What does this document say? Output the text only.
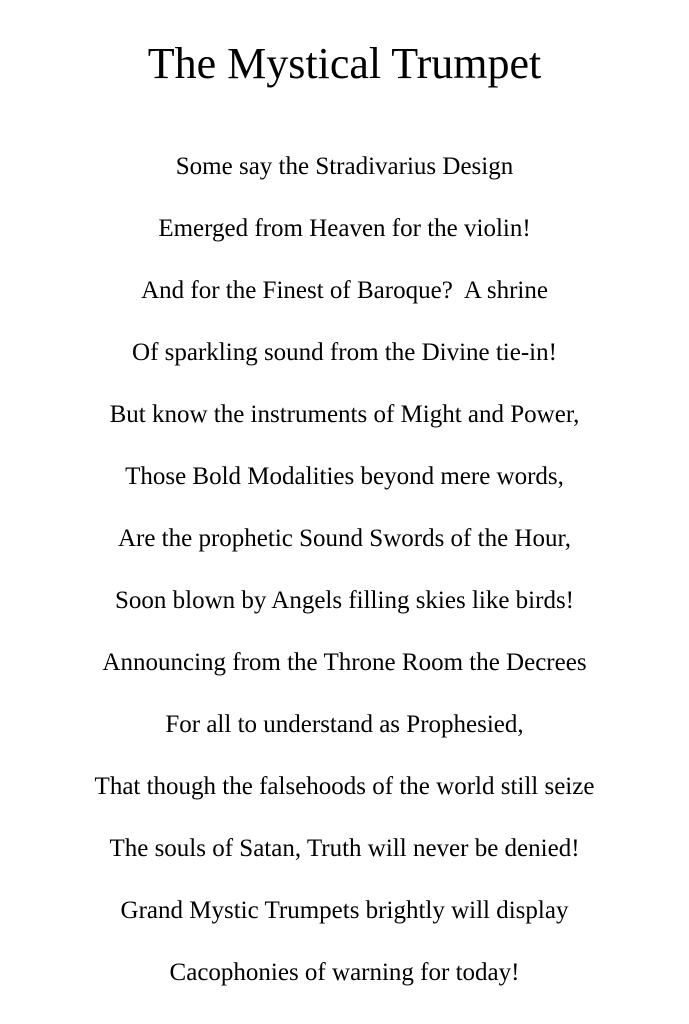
The Mystical Trumpet
Some say the Stradivarius Design
Emerged from Heaven for the violin!
And for the Finest of Baroque?  A shrine
Of sparkling sound from the Divine tie-in!
But know the instruments of Might and Power,
Those Bold Modalities beyond mere words,
Are the prophetic Sound Swords of the Hour,
Soon blown by Angels filling skies like birds!
Announcing from the Throne Room the Decrees
For all to understand as Prophesied,
That though the falsehoods of the world still seize
The souls of Satan, Truth will never be denied!
Grand Mystic Trumpets brightly will display
Cacophonies of warning for today!
